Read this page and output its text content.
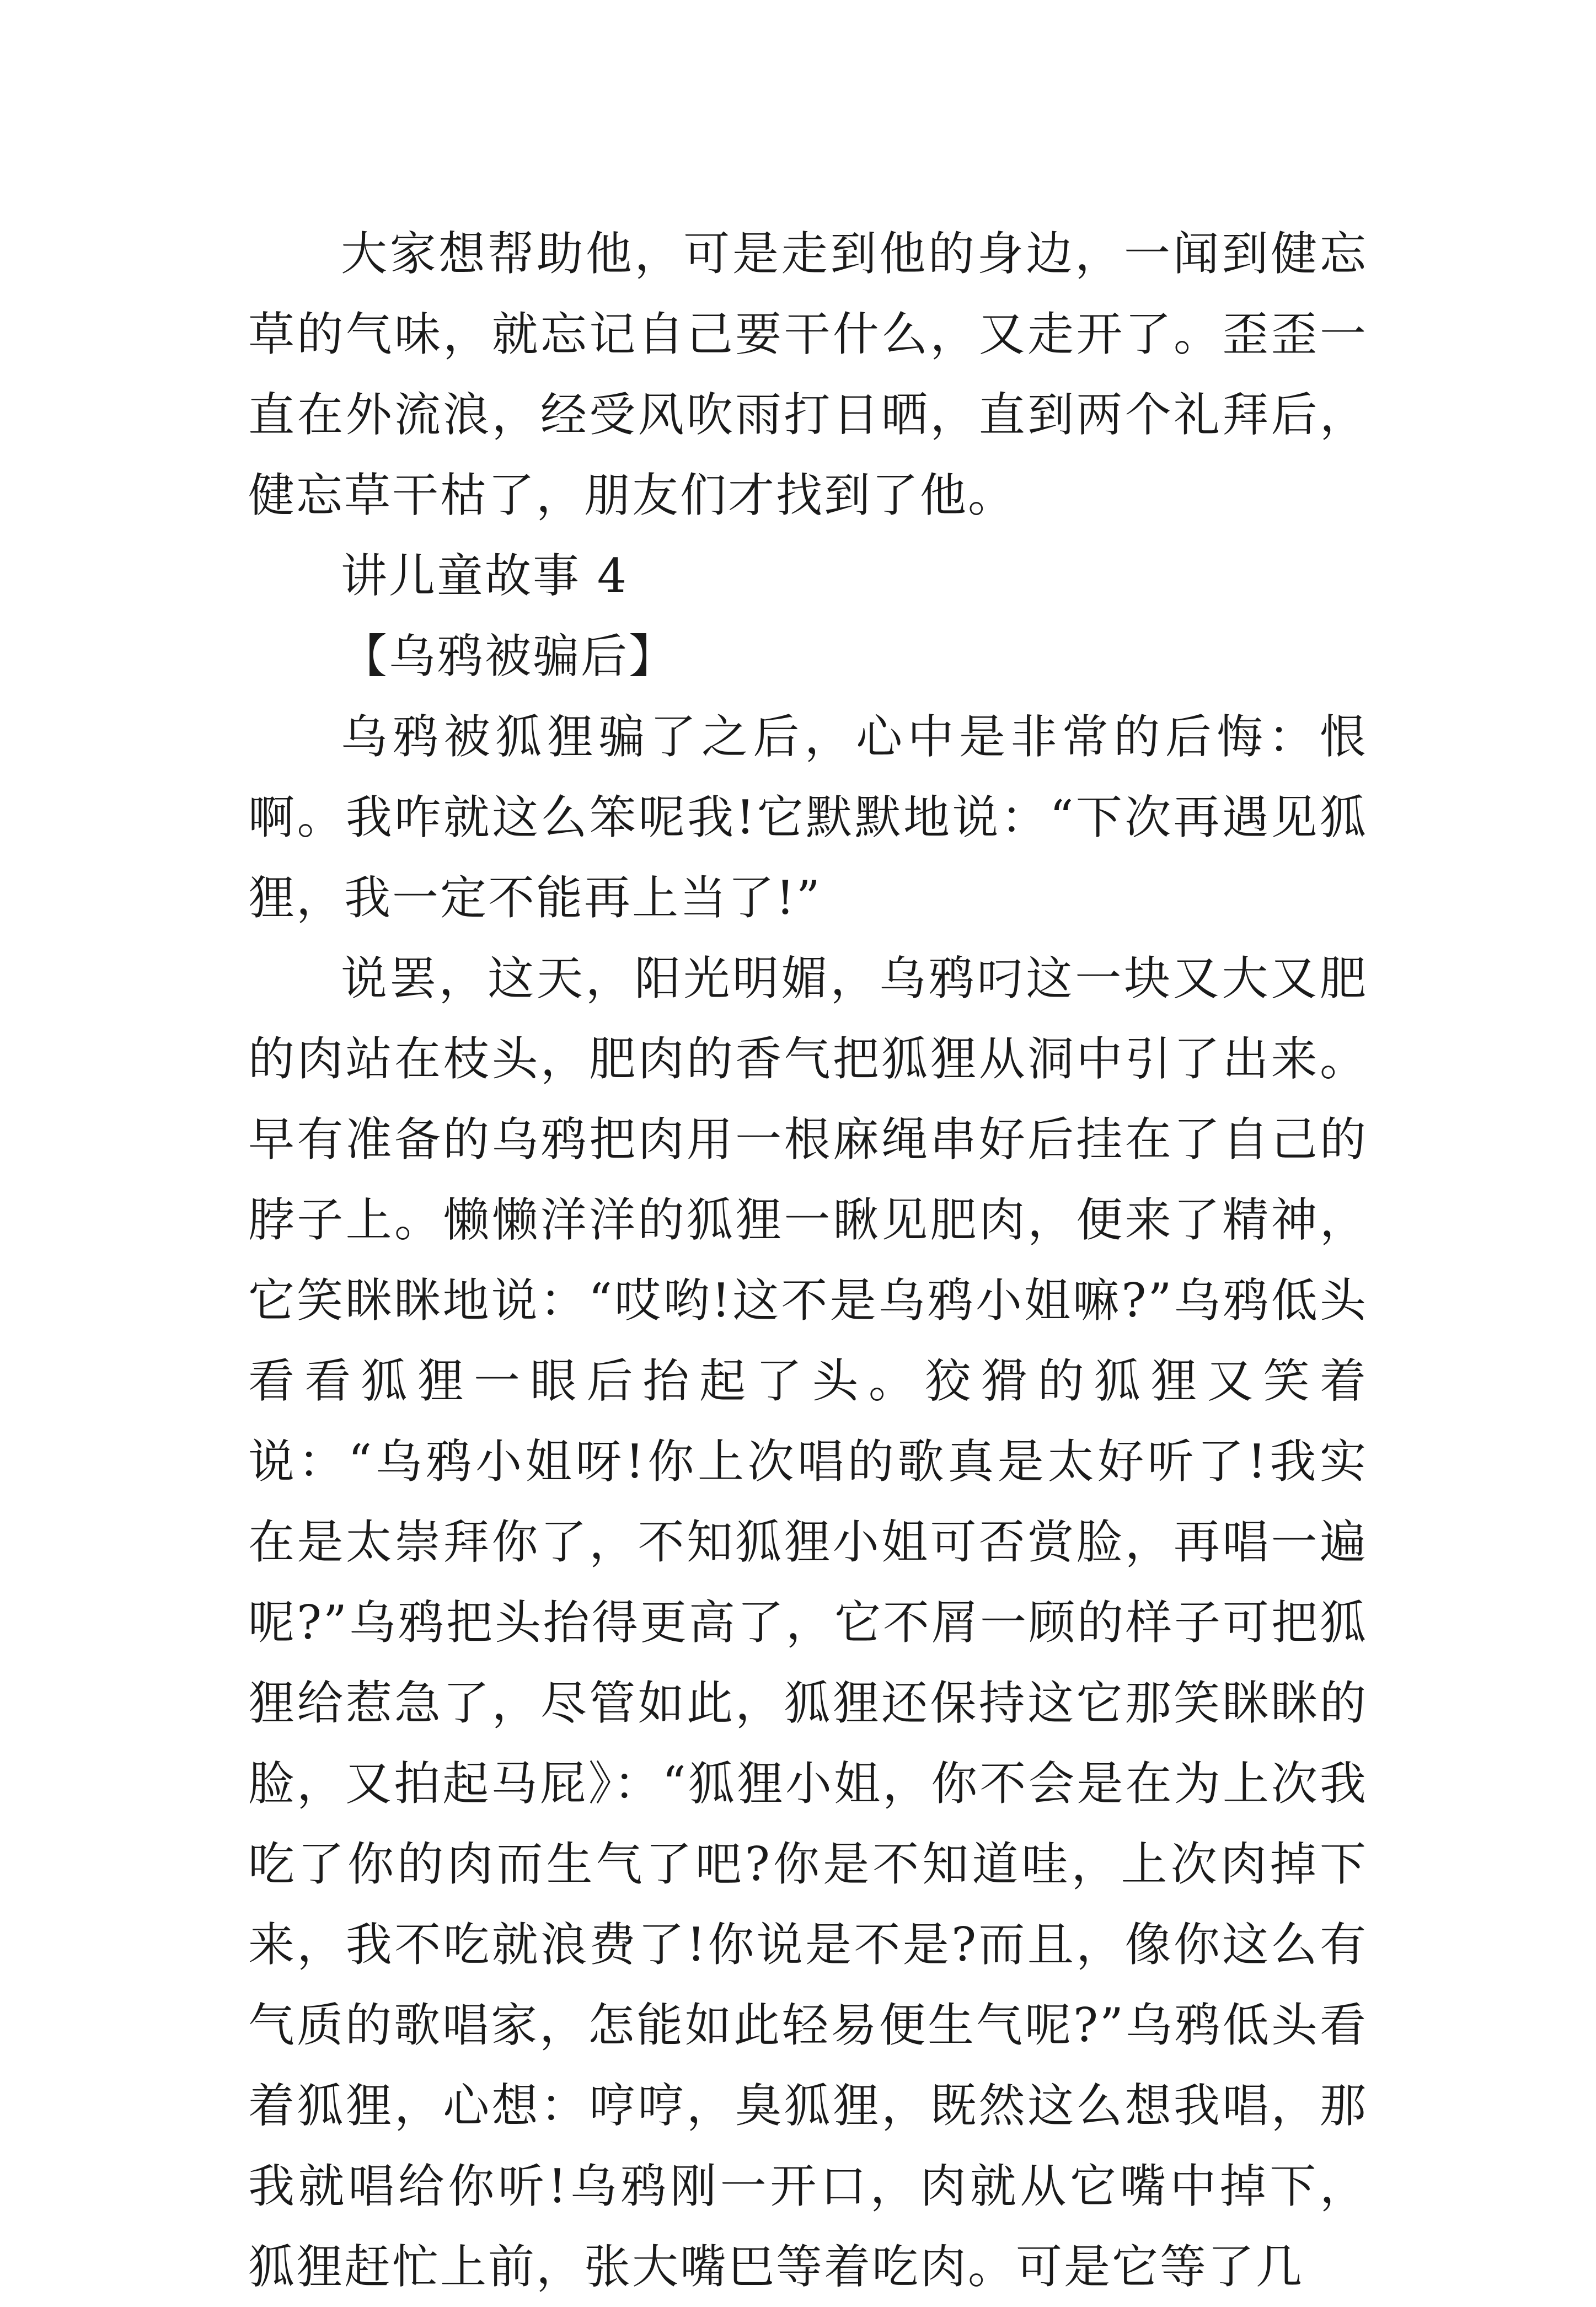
大家想帮助他，可是走到他的身边，一闻到健忘草的气味，就忘记自己要干什么，又走开了。歪歪一直在外流浪，经受风吹雨打日晒，直到两个礼拜后，健忘草干枯了，朋友们才找到了他。

讲儿童故事 4

【乌鸦被骗后】

乌鸦被狐狸骗了之后，心中是非常的后悔：恨啊。我咋就这么笨呢我!它默默地说：“下次再遇见狐狸，我一定不能再上当了!”

说罢，这天，阳光明媚，乌鸦叼这一块又大又肥的肉站在枝头，肥肉的香气把狐狸从洞中引了出来。早有准备的乌鸦把肉用一根麻绳串好后挂在了自己的脖子上。懒懒洋洋的狐狸一瞅见肥肉，便来了精神，它笑眯眯地说：“哎哟!这不是乌鸦小姐嘛?”乌鸦低头看看狐狸一眼后抬起了头。狡猾的狐狸又笑着说：“乌鸦小姐呀!你上次唱的歌真是太好听了!我实在是太崇拜你了，不知狐狸小姐可否赏脸，再唱一遍呢?”乌鸦把头抬得更高了，它不屑一顾的样子可把狐狸给惹急了，尽管如此，狐狸还保持这它那笑眯眯的脸，又拍起马屁》：“狐狸小姐，你不会是在为上次我吃了你的肉而生气了吧?你是不知道哇，上次肉掉下来，我不吃就浪费了!你说是不是?而且，像你这么有气质的歌唱家，怎能如此轻易便生气呢?”乌鸦低头看着狐狸，心想：哼哼，臭狐狸，既然这么想我唱，那我就唱给你听!乌鸦刚一开口，肉就从它嘴中掉下，狐狸赶忙上前，张大嘴巴等着吃肉。可是它等了几
